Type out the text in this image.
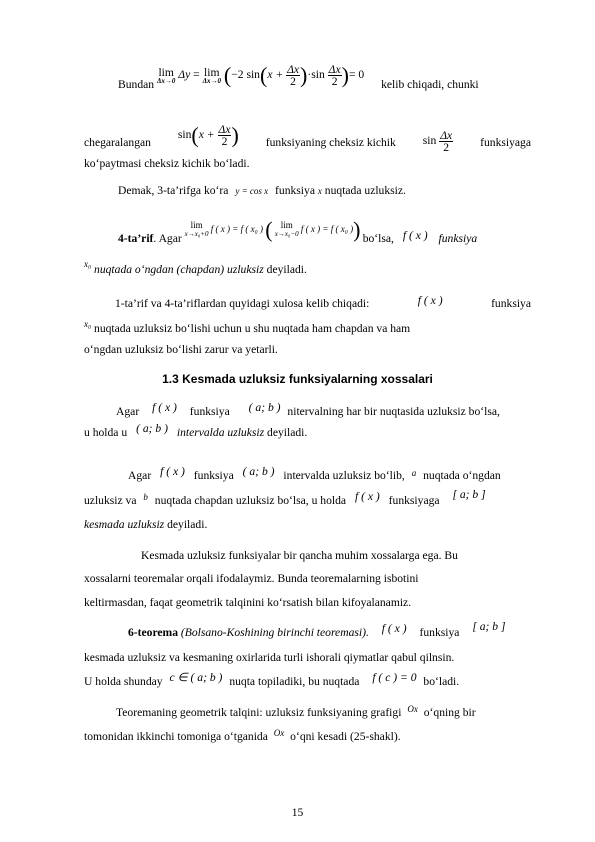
Bundan lim
Δx→0 Δy = lim
Δx→0 (−2 $\sin(x + \frac{\Delta x}{2} )\cdot\sin \frac{\Delta x}{2}$ )= 0 kelib chiqadi, chunki
chegaralangan
$\sin(x + \frac{\Delta x}{2}$ ) funksiyaning cheksiz kichik $\sin \frac{\Delta x}{2}$ funksiyaga
ko‘paytmasi cheksiz kichik bo‘ladi.
Demak, 3-ta’rifga ko‘ra y = cos x funksiya x nuqtada uzluksiz.
4-ta’rif. Agar $^{lim x\to x_0+0 f ( x ) = f ( x_0 ) ( lim x\to x_0-0 f ( x ) = f ( x_0 ))}$ bo‘lsa, f ( x ) funksiya
$^{x_0}$ nuqtada o‘ngdan (chapdan) uzluksiz deyiladi.
1-ta’rif va 4-ta’riflardan quyidagi xulosa kelib chiqadi:	f ( x )	funksiya
$^{x_0}$ nuqtada uzluksiz bo‘lishi uchun u shu nuqtada ham chapdan va ham
o‘ngdan uzluksiz bo‘lishi zarur va yetarli.
1.3 Kesmada uzluksiz funksiyalarning xossalari
Agar f ( x ) funksiya ( a; b ) nitervalning har bir nuqtasida uzluksiz bo‘lsa,
u holda u ( a; b ) intervalda uzluksiz deyiladi.
Agar f ( x ) funksiya ( a; b ) intervalda uzluksiz bo‘lib, $^a$ nuqtada o‘ngdan
uzluksiz va $^b$ nuqtada chapdan uzluksiz bo‘lsa, u holda f ( x ) funksiyaga [ a; b ]
kesmada uzluksiz deyiladi.
Kesmada uzluksiz funksiyalar bir qancha muhim xossalarga ega. Bu
xossalarni teoremalar orqali ifodalaymiz. Bunda teoremalarning isbotini
keltirmasdan, faqat geometrik talqinini ko‘rsatish bilan kifoyalanamiz.
6-teorema (Bolsano-Koshining birinchi teoremasi). f ( x ) funksiya [ a; b ]
kesmada uzluksiz va kesmaning oxirlarida turli ishorali qiymatlar qabul qilnsin.
U holda shunday c ∈ ( a; b ) nuqta topiladiki, bu nuqtada f ( c ) = 0 bo‘ladi.
Teoremaning geometrik talqini: uzluksiz funksiyaning grafigi $^{Ox}$ o‘qning bir
tomonidan ikkinchi tomoniga o‘tganida $^{Ox}$ o‘qni kesadi (25-shakl).
15
